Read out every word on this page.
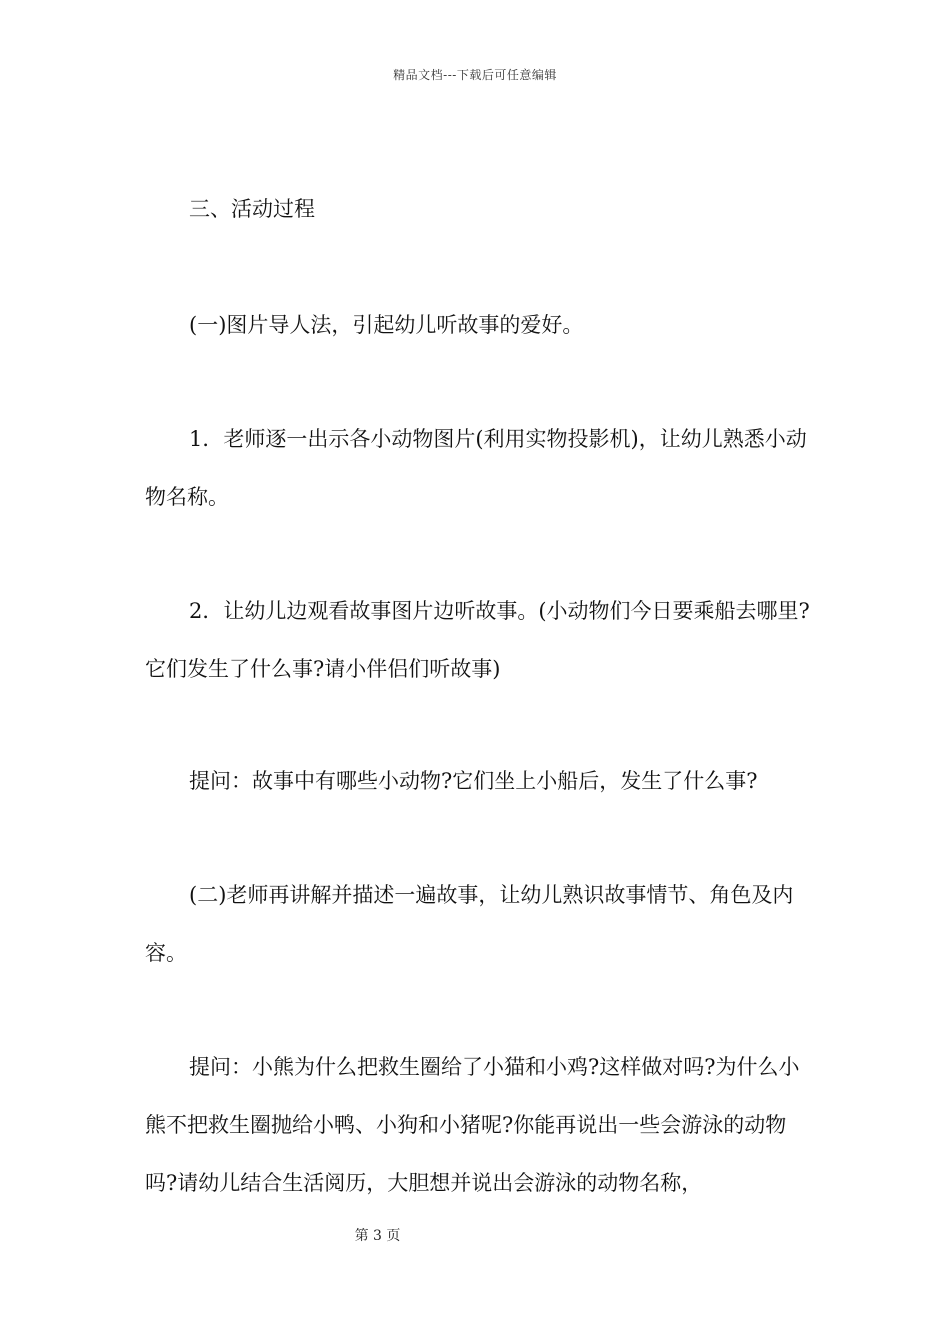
精品文档---下载后可任意编辑

三、活动过程

(一)图片导人法，引起幼儿听故事的爱好。

1．老师逐一出示各小动物图片(利用实物投影机)，让幼儿熟悉小动物名称。

2．让幼儿边观看故事图片边听故事。(小动物们今日要乘船去哪里?它们发生了什么事?请小伴侣们听故事)

提问：故事中有哪些小动物?它们坐上小船后，发生了什么事?

(二)老师再讲解并描述一遍故事，让幼儿熟识故事情节、角色及内容。

提问：小熊为什么把救生圈给了小猫和小鸡?这样做对吗?为什么小熊不把救生圈抛给小鸭、小狗和小猪呢?你能再说出一些会游泳的动物吗?请幼儿结合生活阅历，大胆想并说出会游泳的动物名称，

第 3 页
